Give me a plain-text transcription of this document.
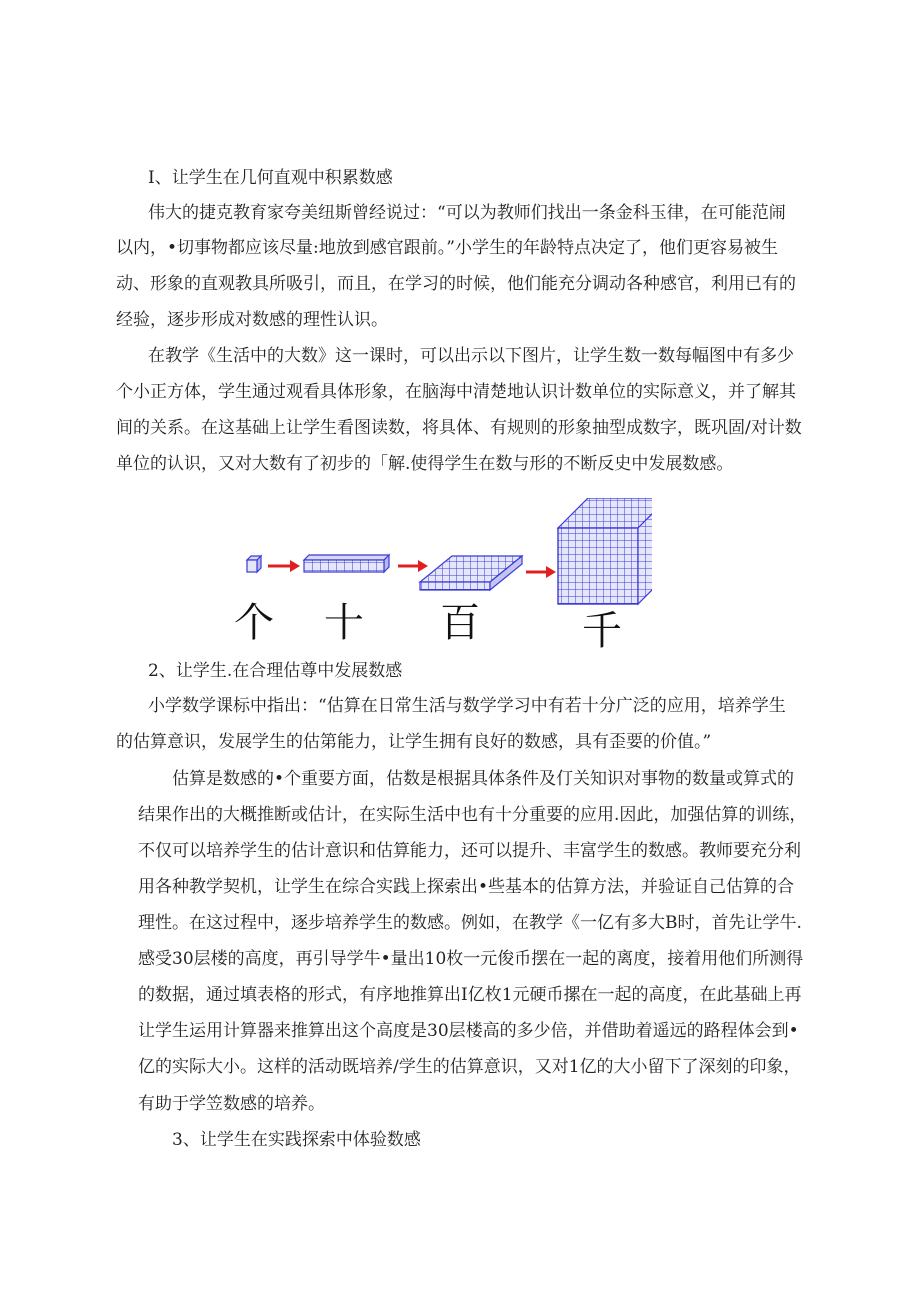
I、让学生在几何直观中积累数感
伟大的捷克教育家夸美纽斯曾经说过：“可以为教师们找出一条金科玉律，在可能范闹
以内，•切事物都应该尽量:地放到感官跟前。”小学生的年龄特点决定了，他们更容易被生
动、形象的直观教具所吸引，而且，在学习的时候，他们能充分调动各种感官，利用已有的
经验，逐步形成对数感的理性认识。
在教学《生活中的大数》这一课时，可以出示以下图片，让学生数一数每幅图中有多少
个小正方体，学生通过观看具体形象，在脑海中清楚地认识计数单位的实际意义，并了解其
间的关系。在这基础上让学生看图读数，将具体、有规则的形象抽型成数字，既巩固/对计数
单位的认识，又对大数有了初步的「解.使得学生在数与形的不断反史中发展数感。
个 十 百	千
2、让学生.在合理估尊中发展数感
小学数学课标中指出：“估算在日常生活与数学学习中有若十分广泛的应用，培养学生
的估算意识，发展学生的估第能力，让学生拥有良好的数感，具有歪要的价值。”
估算是数感的•个重要方面，估数是根据具体条件及仃关知识对事物的数量或算式的
结果作出的大概推断或估计，在实际生活中也有十分重要的应用.因此，加强估算的训练，
不仅可以培养学生的估计意识和估算能力，还可以提升、丰富学生的数感。教师要充分利
用各种教学契机，让学生在综合实践上探索出•些基本的估算方法，并验证自己估算的合
理性。在这过程中，逐步培养学生的数感。例如，在教学《一亿有多大B时，首先让学牛.
感受30层楼的高度，再引导学牛•量出10枚一元俊币摆在一起的离度，接着用他们所测得
的数据，通过填表格的形式，有序地推算出I亿枚1元硬币摞在一起的高度，在此基础上再
让学生运用计算器来推算出这个高度是30层楼高的多少倍，并借助着遥远的路程体会到•
亿的实际大小。这样的活动既培养/学生的估算意识，又对1亿的大小留下了深刻的印象，
有助于学笠数感的培养。
3、让学生在实践探索中体验数感
